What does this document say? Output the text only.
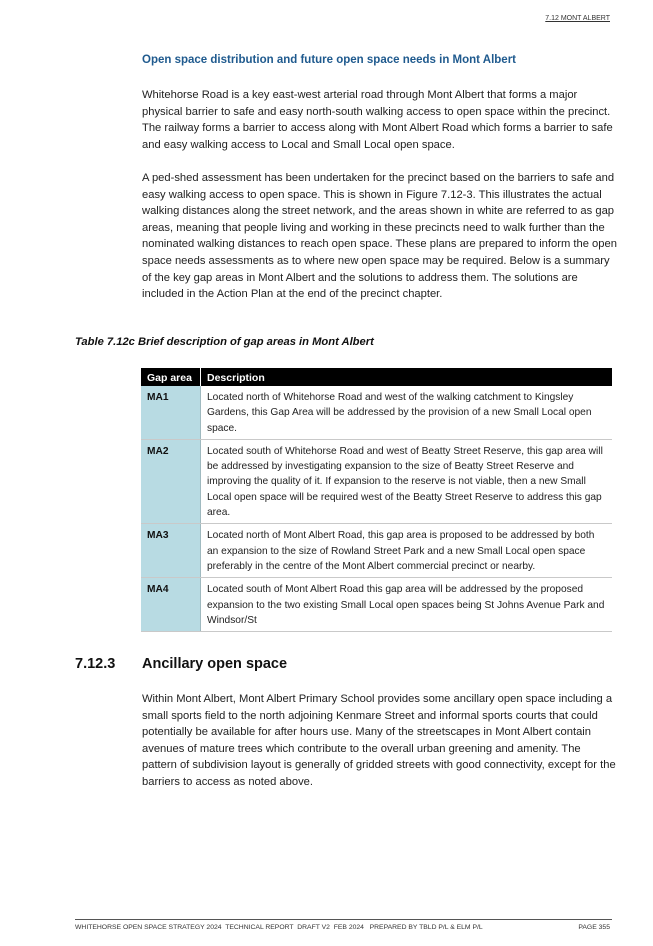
7.12 MONT ALBERT
Open space distribution and future open space needs in Mont Albert

Whitehorse Road is a key east-west arterial road through Mont Albert that forms a major physical barrier to safe and easy north-south walking access to open space within the precinct. The railway forms a barrier to access along with Mont Albert Road which forms a barrier to safe and easy walking access to Local and Small Local open space.

A ped-shed assessment has been undertaken for the precinct based on the barriers to safe and easy walking access to open space. This is shown in Figure 7.12-3. This illustrates the actual walking distances along the street network, and the areas shown in white are referred to as gap areas, meaning that people living and working in these precincts need to walk further than the nominated walking distances to reach open space. These plans are prepared to inform the open space needs assessments as to where new open space may be required. Below is a summary of the key gap areas in Mont Albert and the solutions to address them. The solutions are included in the Action Plan at the end of the precinct chapter.

Table 7.12c Brief description of gap areas in Mont Albert
Gap area	Description
MA1	Located north of Whitehorse Road and west of the walking catchment to Kingsley Gardens, this Gap Area will be addressed by the provision of a new Small Local open space.
MA2	Located south of Whitehorse Road and west of Beatty Street Reserve, this gap area will be addressed by investigating expansion to the size of Beatty Street Reserve and improving the quality of it. If expansion to the reserve is not viable, then a new Small Local open space will be required west of the Beatty Street Reserve to address this gap area.
MA3	Located north of Mont Albert Road, this gap area is proposed to be addressed by both an expansion to the size of Rowland Street Park and a new Small Local open space preferably in the centre of the Mont Albert commercial precinct or nearby.
MA4	Located south of Mont Albert Road this gap area will be addressed by the proposed expansion to the two existing Small Local open spaces being St Johns Avenue Park and Windsor/St
7.12.3 Ancillary open space

Within Mont Albert, Mont Albert Primary School provides some ancillary open space including a small sports field to the north adjoining Kenmare Street and informal sports courts that could potentially be available for after hours use. Many of the streetscapes in Mont Albert contain avenues of mature trees which contribute to the overall urban greening and amenity. The pattern of subdivision layout is generally of gridded streets with good connectivity, except for the barriers to access as noted above.

WHITEHORSE OPEN SPACE STRATEGY 2024  TECHNICAL REPORT  DRAFT V2  FEB 2024   PREPARED BY TBLD P/L & ELM P/L	PAGE 355
